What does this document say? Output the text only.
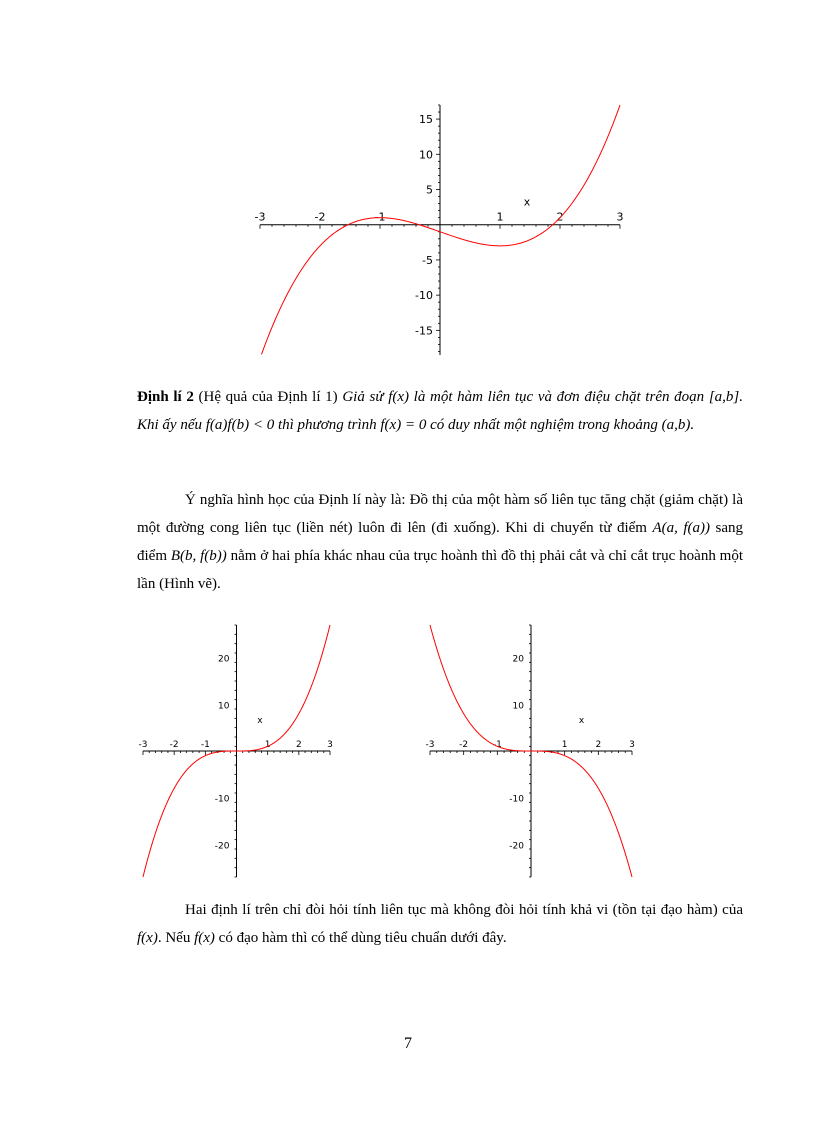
-3	-2	-1	1	2	3
15
10
5
-5
-10
-15
x
Định lí 2 (Hệ quả của Định lí 1) Giả sử f(x) là một hàm liên tục và đơn điệu chặt trên đoạn [a,b]. Khi ấy nếu f(a)f(b) < 0 thì phương trình f(x) = 0 có duy nhất một nghiệm trong khoảng (a,b).
Ý nghĩa hình học của Định lí này là: Đồ thị của một hàm số liên tục tăng chặt (giảm chặt) là một đường cong liên tục (liền nét) luôn đi lên (đi xuống). Khi di chuyển từ điểm A(a, f(a)) sang điểm B(b, f(b)) nằm ở hai phía khác nhau của trục hoành thì đồ thị phải cắt và chỉ cắt trục hoành một lần (Hình vẽ).
-3 -2 -1	1	2	3
20
10
-10
-20
x
-3	-2	-1	1	2	3
20
10
-10
-20
x
Hai định lí trên chỉ đòi hỏi tính liên tục mà không đòi hỏi tính khả vi (tồn tại đạo hàm) của f(x). Nếu f(x) có đạo hàm thì có thể dùng tiêu chuẩn dưới đây.
7
